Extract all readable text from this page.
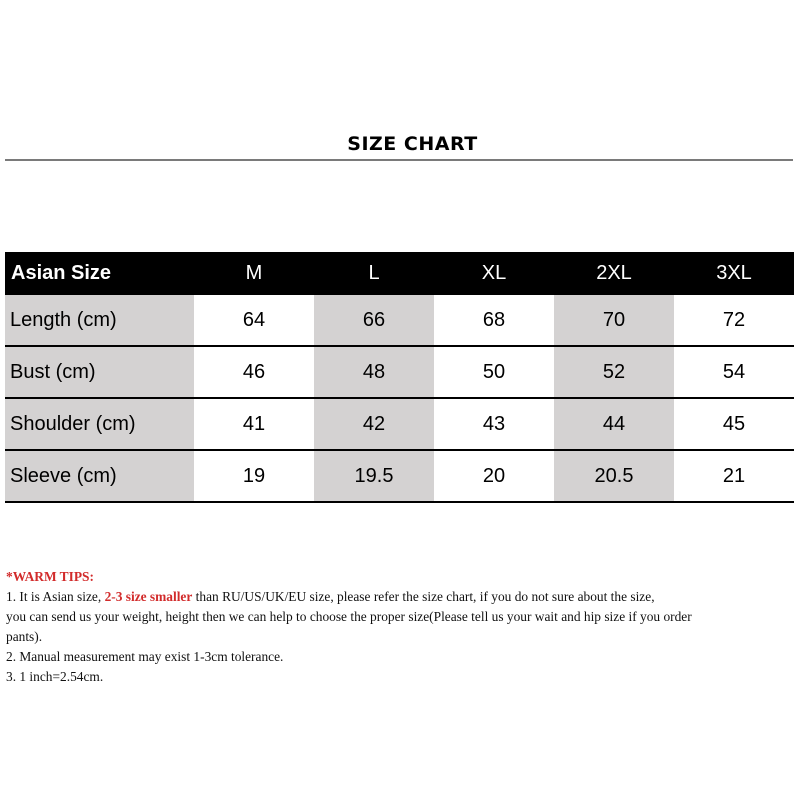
SIZE CHART
Asian Size	M	L	XL	2XL	3XL
Length (cm)	64	66	68	70	72
Bust (cm)	46	48	50	52	54
Shoulder (cm)	41	42	43	44	45
Sleeve (cm)	19	19.5	20	20.5	21
*WARM TIPS:
1. It is Asian size, 2-3 size smaller than RU/US/UK/EU size, please refer the size chart, if you do not sure about the size,
you can send us your weight, height then we can help to choose the proper size(Please tell us your wait and hip size if you order
pants).
2. Manual measurement may exist 1-3cm tolerance.
3. 1 inch=2.54cm.
